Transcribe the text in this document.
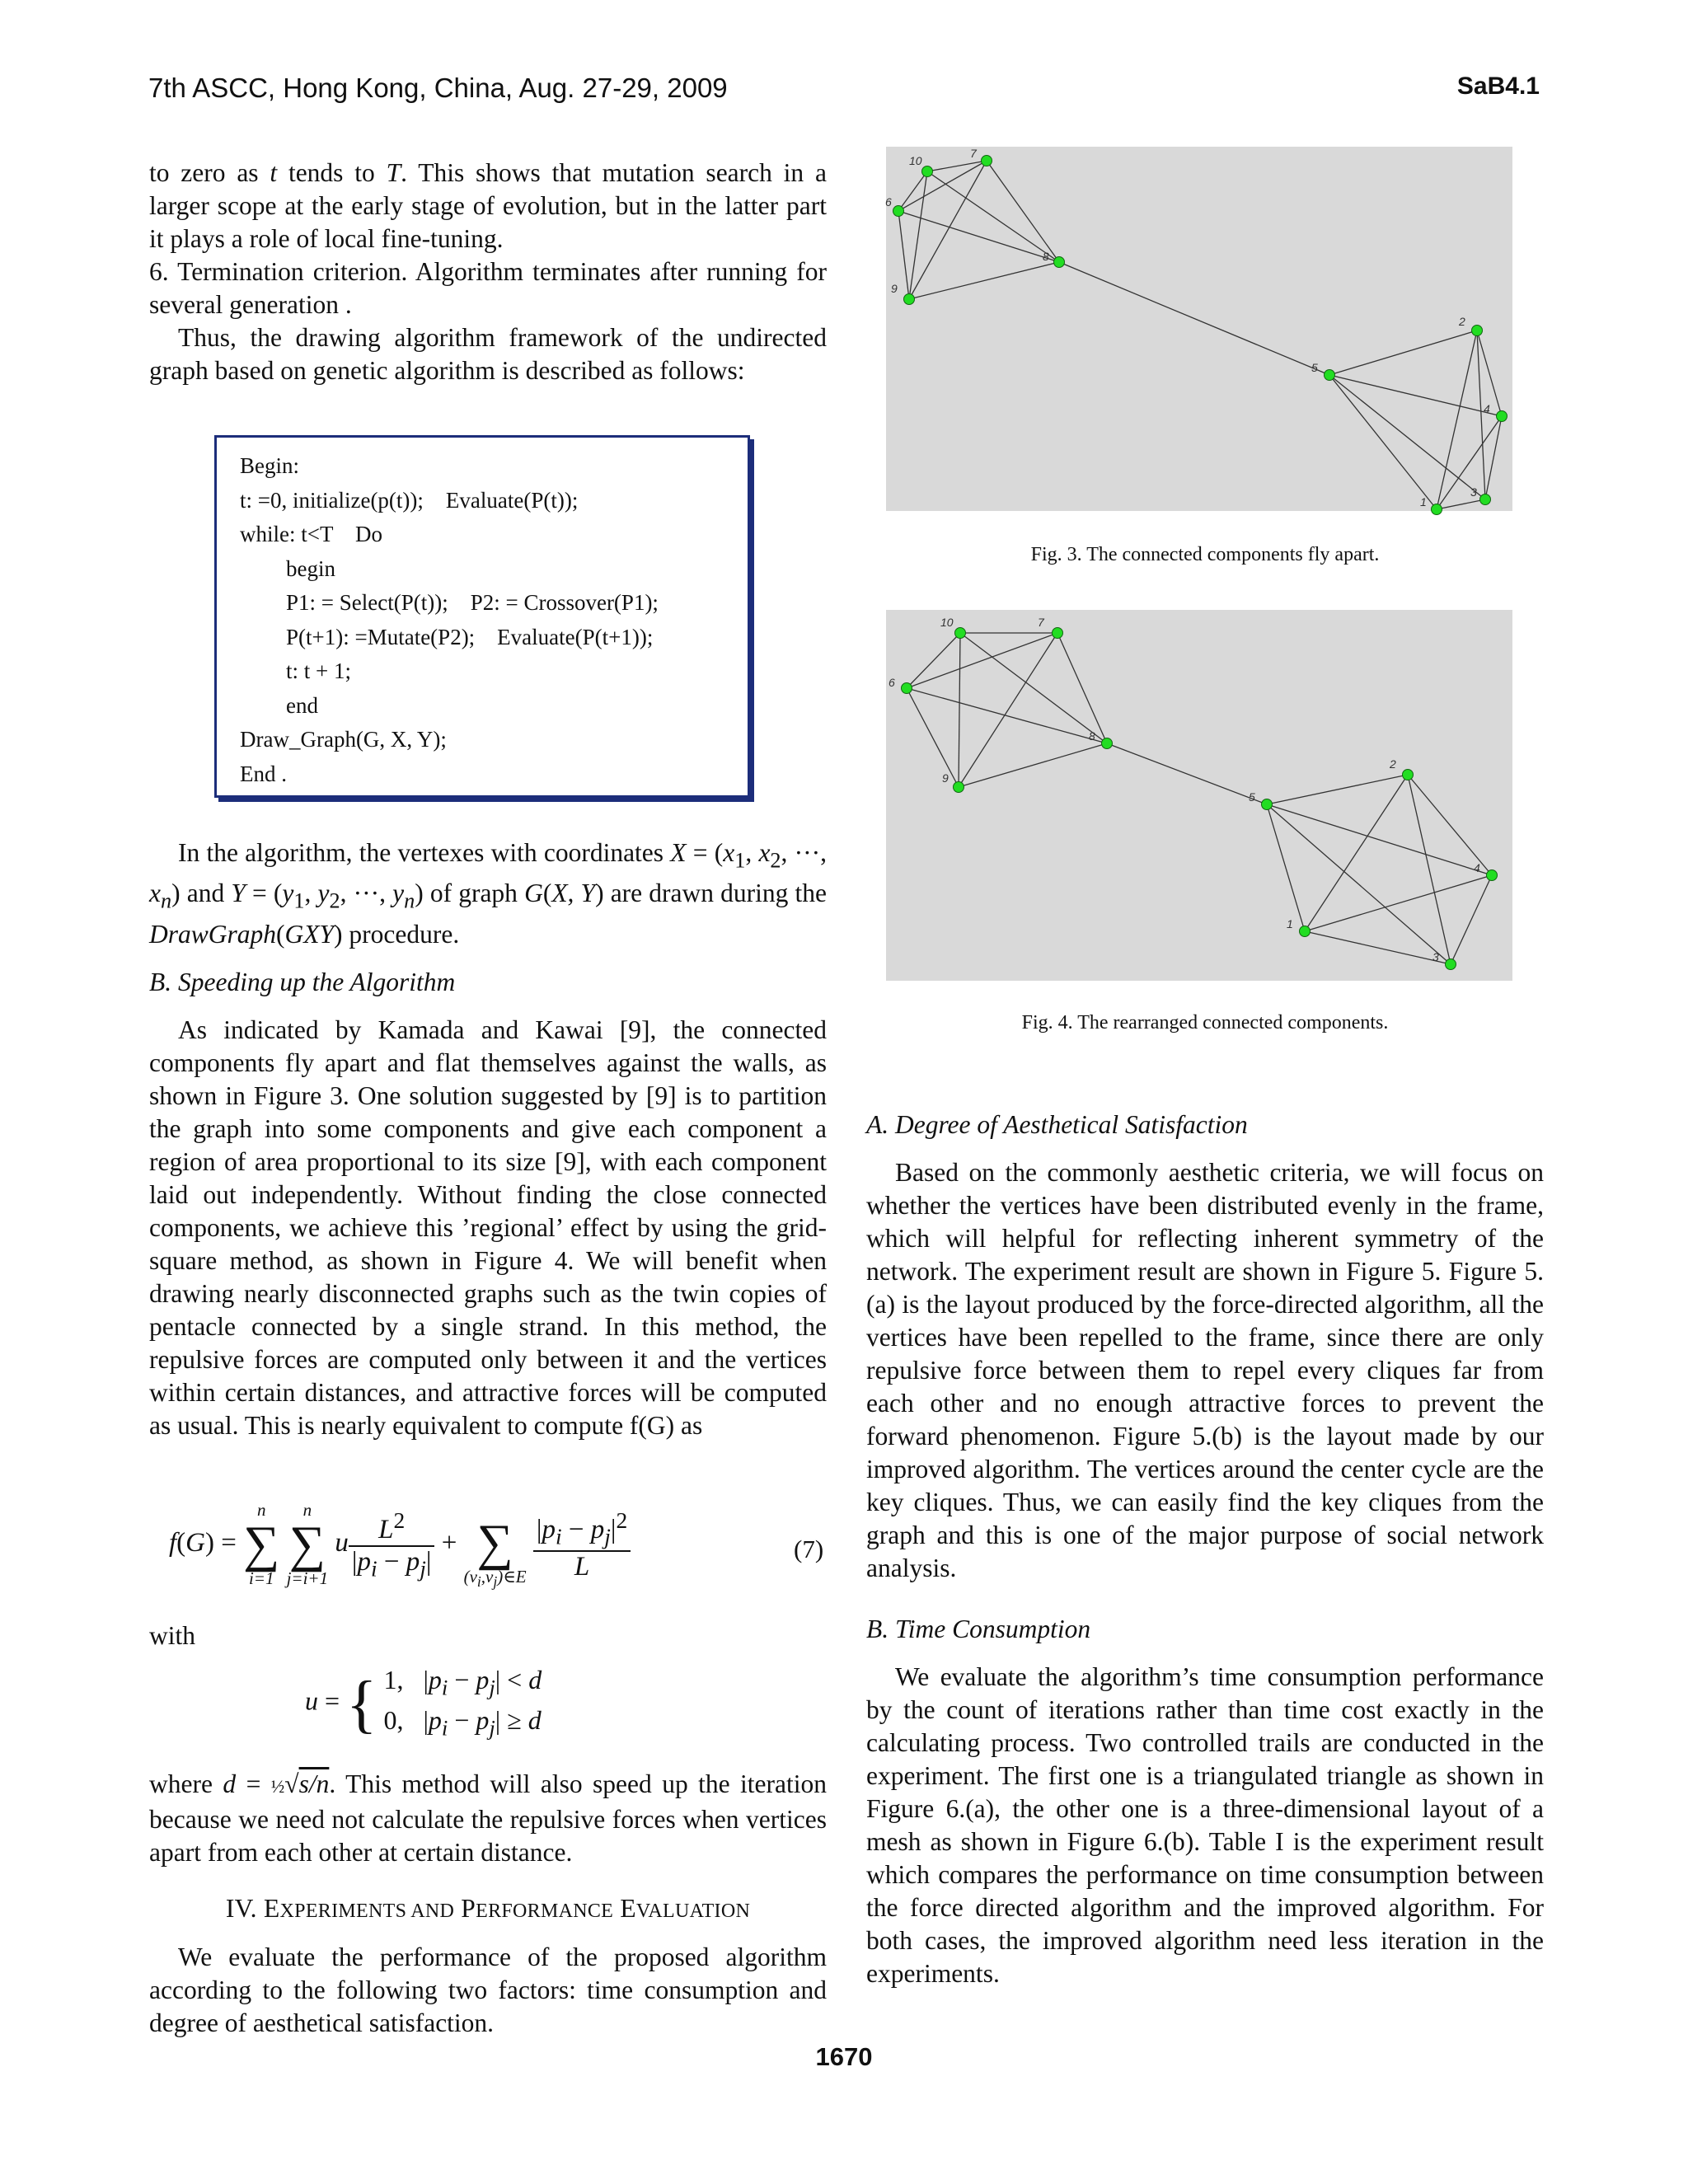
7th ASCC, Hong Kong, China, Aug. 27-29, 2009	SaB4.1

to zero as t tends to T. This shows that mutation search in a larger scope at the early stage of evolution, but in the latter part it plays a role of local fine-tuning.

6. Termination criterion. Algorithm terminates after running for several generation .

Thus, the drawing algorithm framework of the undirected graph based on genetic algorithm is described as follows:

Begin:
t: =0, initialize(p(t));    Evaluate(P(t));
while: t<T    Do
begin
P1: = Select(P(t));    P2: = Crossover(P1);
P(t+1): =Mutate(P2);    Evaluate(P(t+1));
t: t + 1;
end
Draw_Graph(G, X, Y);
End .

In the algorithm, the vertexes with coordinates $X = (x_1$, $x_2$, ···, $x_n$) and $Y = (y_1$, $y_2$, ···, $y_n$) of graph G(X, Y) are drawn during the DrawGraph(GXY) procedure.

B. Speeding up the Algorithm

As indicated by Kamada and Kawai [9], the connected components fly apart and flat themselves against the walls, as shown in Figure 3. One solution suggested by [9] is to partition the graph into some components and give each component a region of area proportional to its size [9], with each component laid out independently. Without finding the close connected components, we achieve this ’regional’ effect by using the grid-square method, as shown in Figure 4. We will benefit when drawing nearly disconnected graphs such as the twin copies of pentacle connected by a single strand. In this method, the repulsive forces are computed only between it and the vertices within certain distances, and attractive forces will be computed as usual. This is nearly equivalent to compute f(G) as

f(G) =
n
∑
i=1

n
∑
j=i+1
u $\frac{L^2}{|p_i - p_j|}$ +
∑
$(v_i,v_j)\in E$
$\frac{|p_i - p_j|^2}{L}$	(7)

with

u = { 1,   $|p_i - p_j| < d$
0,   $|p_i - p_j| \ge d$

where d = ½√s/n. This method will also speed up the iteration because we need not calculate the repulsive forces when vertices apart from each other at certain distance.

IV. EXPERIMENTS AND PERFORMANCE EVALUATION

We evaluate the performance of the proposed algorithm according to the following two factors: time consumption and degree of aesthetical satisfaction.

1
2
3
4
5
6
7
8
9
10
Fig. 3. The connected components fly apart.
1
2
3
4
5
6
7
8
9
10
Fig. 4. The rearranged connected components.

A. Degree of Aesthetical Satisfaction

Based on the commonly aesthetic criteria, we will focus on whether the vertices have been distributed evenly in the frame, which will helpful for reflecting inherent symmetry of the network. The experiment result are shown in Figure 5. Figure 5.(a) is the layout produced by the force-directed algorithm, all the vertices have been repelled to the frame, since there are only repulsive force between them to repel every cliques far from each other and no enough attractive forces to prevent the forward phenomenon. Figure 5.(b) is the layout made by our improved algorithm. The vertices around the center cycle are the key cliques. Thus, we can easily find the key cliques from the graph and this is one of the major purpose of social network analysis.

B. Time Consumption

We evaluate the algorithm’s time consumption performance by the count of iterations rather than time cost exactly in the calculating process. Two controlled trails are conducted in the experiment. The first one is a triangulated triangle as shown in Figure 6.(a), the other one is a three-dimensional layout of a mesh as shown in Figure 6.(b). Table I is the experiment result which compares the performance on time consumption between the force directed algorithm and the improved algorithm. For both cases, the improved algorithm need less iteration in the experiments.

1670
